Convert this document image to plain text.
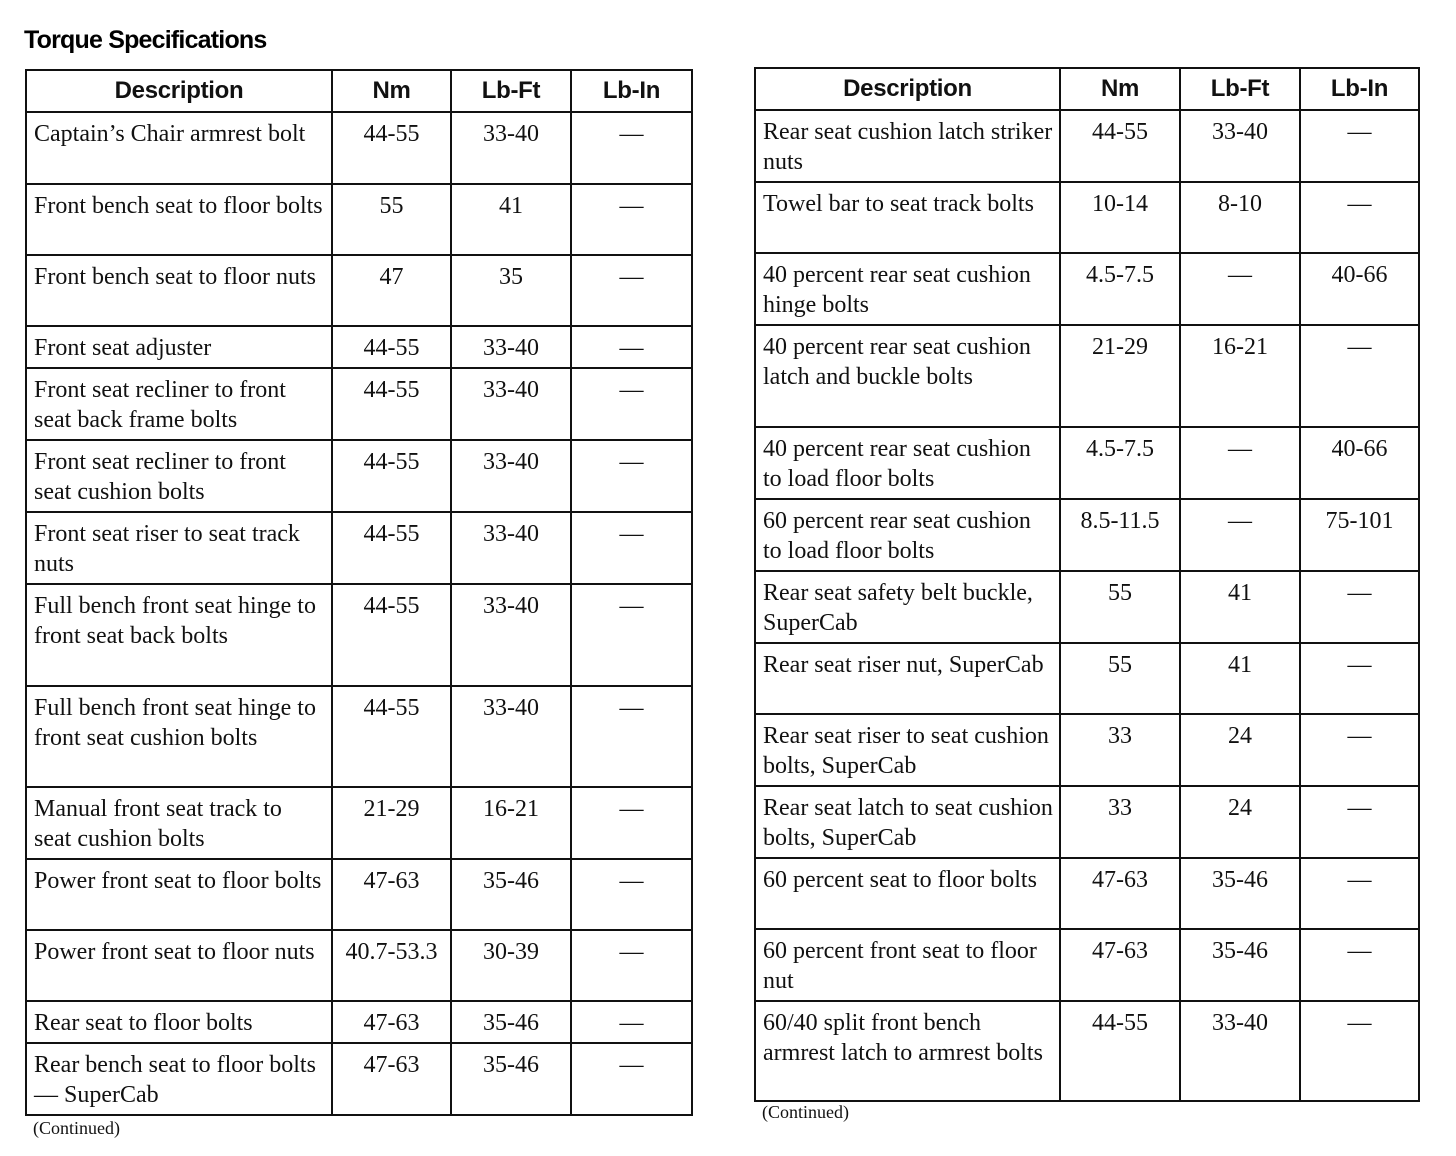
Torque Specifications
Description	Nm	Lb-Ft	Lb-In
Captain’s Chair armrest bolt	44-55	33-40	—
Front bench seat to floor bolts	55	41	—
Front bench seat to floor nuts	47	35	—
Front seat adjuster	44-55	33-40	—
Front seat recliner to front seat back frame bolts	44-55	33-40	—
Front seat recliner to front seat cushion bolts	44-55	33-40	—
Front seat riser to seat track nuts	44-55	33-40	—
Full bench front seat hinge to front seat back bolts	44-55	33-40	—
Full bench front seat hinge to front seat cushion bolts	44-55	33-40	—
Manual front seat track to seat cushion bolts	21-29	16-21	—
Power front seat to floor bolts	47-63	35-46	—
Power front seat to floor nuts	40.7-53.3	30-39	—
Rear seat to floor bolts	47-63	35-46	—
Rear bench seat to floor bolts — SuperCab	47-63	35-46	—
Description	Nm	Lb-Ft	Lb-In
Rear seat cushion latch striker nuts	44-55	33-40	—
Towel bar to seat track bolts	10-14	8-10	—
40 percent rear seat cushion hinge bolts	4.5-7.5	—	40-66
40 percent rear seat cushion latch and buckle bolts	21-29	16-21	—
40 percent rear seat cushion to load floor bolts	4.5-7.5	—	40-66
60 percent rear seat cushion to load floor bolts	8.5-11.5	—	75-101
Rear seat safety belt buckle, SuperCab	55	41	—
Rear seat riser nut, SuperCab	55	41	—
Rear seat riser to seat cushion bolts, SuperCab	33	24	—
Rear seat latch to seat cushion bolts, SuperCab	33	24	—
60 percent seat to floor bolts	47-63	35-46	—
60 percent front seat to floor nut	47-63	35-46	—
60/40 split front bench armrest latch to armrest bolts	44-55	33-40	—
(Continued)
(Continued)
